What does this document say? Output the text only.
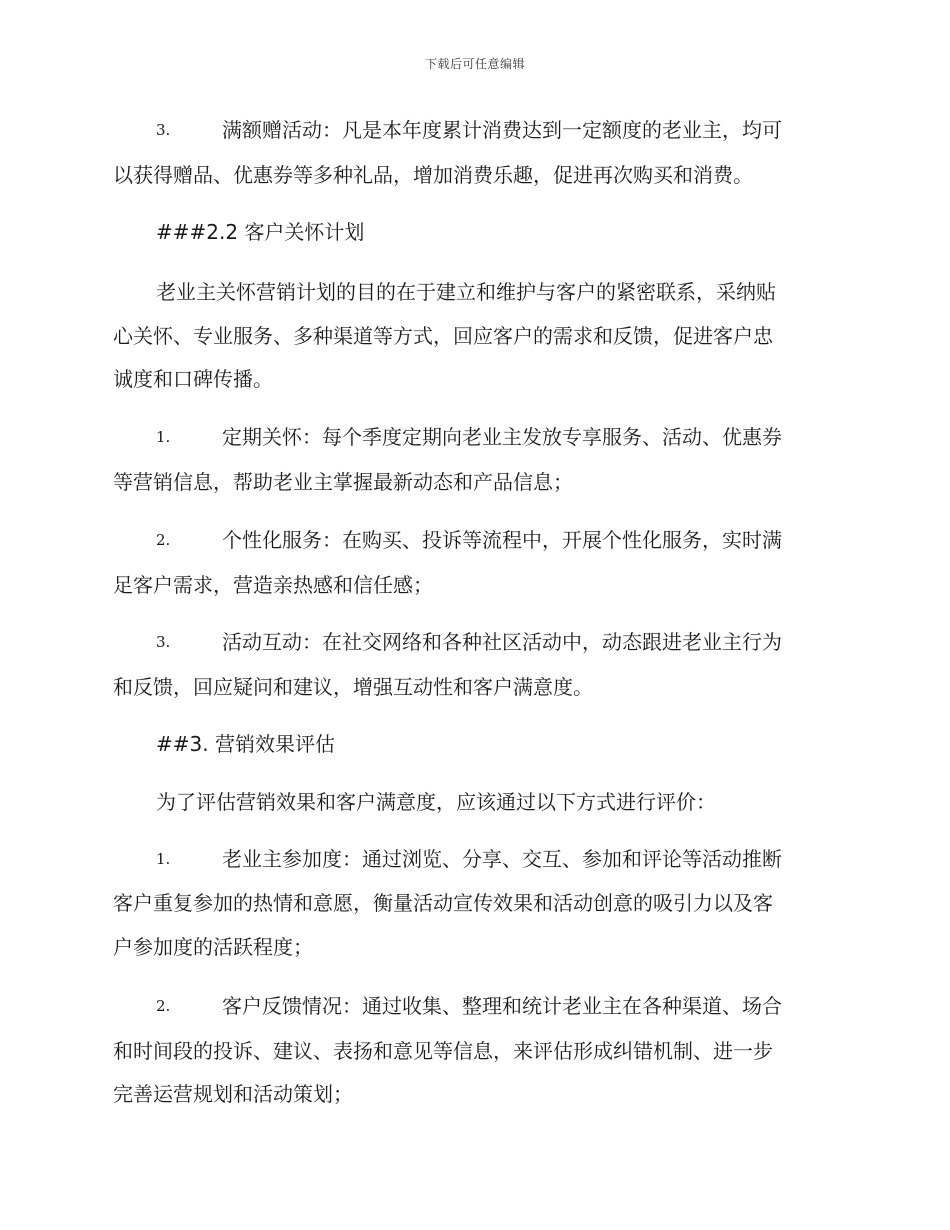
下载后可任意编辑
3.	满额赠活动：凡是本年度累计消费达到一定额度的老业主，均可
以获得赠品、优惠券等多种礼品，增加消费乐趣，促进再次购买和消费。
###2.2 客户关怀计划
老业主关怀营销计划的目的在于建立和维护与客户的紧密联系，采纳贴
心关怀、专业服务、多种渠道等方式，回应客户的需求和反馈，促进客户忠
诚度和口碑传播。
1.	定期关怀：每个季度定期向老业主发放专享服务、活动、优惠券
等营销信息，帮助老业主掌握最新动态和产品信息；
2.	个性化服务：在购买、投诉等流程中，开展个性化服务，实时满
足客户需求，营造亲热感和信任感；
3.	活动互动：在社交网络和各种社区活动中，动态跟进老业主行为
和反馈，回应疑问和建议，增强互动性和客户满意度。
##3. 营销效果评估
为了评估营销效果和客户满意度，应该通过以下方式进行评价：
1.	老业主参加度：通过浏览、分享、交互、参加和评论等活动推断
客户重复参加的热情和意愿，衡量活动宣传效果和活动创意的吸引力以及客
户参加度的活跃程度；
2.	客户反馈情况：通过收集、整理和统计老业主在各种渠道、场合
和时间段的投诉、建议、表扬和意见等信息，来评估形成纠错机制、进一步
完善运营规划和活动策划；
